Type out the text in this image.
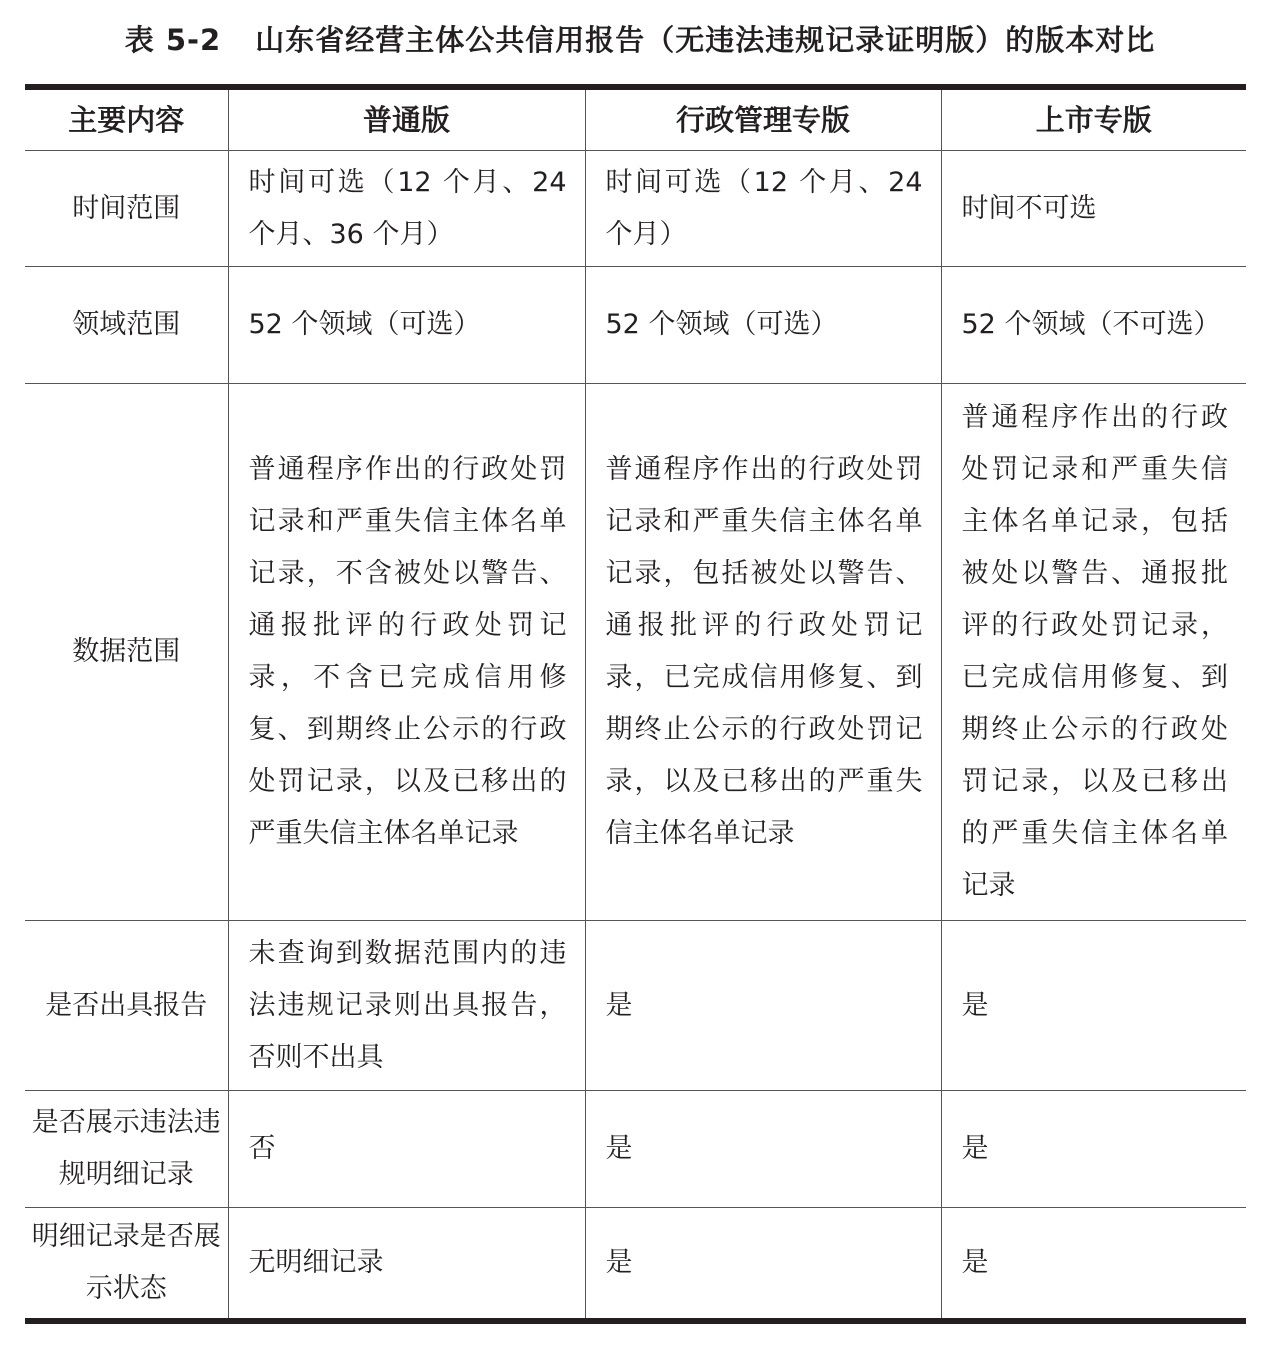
表 5-2 山东省经营主体公共信用报告（无违法违规记录证明版）的版本对比
主要内容	普通版	行政管理专版	上市专版
时间范围	时间可选（12 个月、24 个月、36 个月）	时间可选（12 个月、24 个月）	时间不可选
领域范围	52 个领域（可选）	52 个领域（可选）	52 个领域（不可选）
数据范围	普通程序作出的行政处罚记录和严重失信主体名单记录，不含被处以警告、通报批评的行政处罚记录，不含已完成信用修复、到期终止公示的行政处罚记录，以及已移出的严重失信主体名单记录	普通程序作出的行政处罚记录和严重失信主体名单记录，包括被处以警告、通报批评的行政处罚记录，已完成信用修复、到期终止公示的行政处罚记录，以及已移出的严重失信主体名单记录	普通程序作出的行政处罚记录和严重失信主体名单记录，包括被处以警告、通报批评的行政处罚记录，已完成信用修复、到期终止公示的行政处罚记录，以及已移出的严重失信主体名单记录
是否出具报告	未查询到数据范围内的违法违规记录则出具报告，否则不出具	是	是
是否展示违法违规明细记录	否	是	是
明细记录是否展示状态	无明细记录	是	是
